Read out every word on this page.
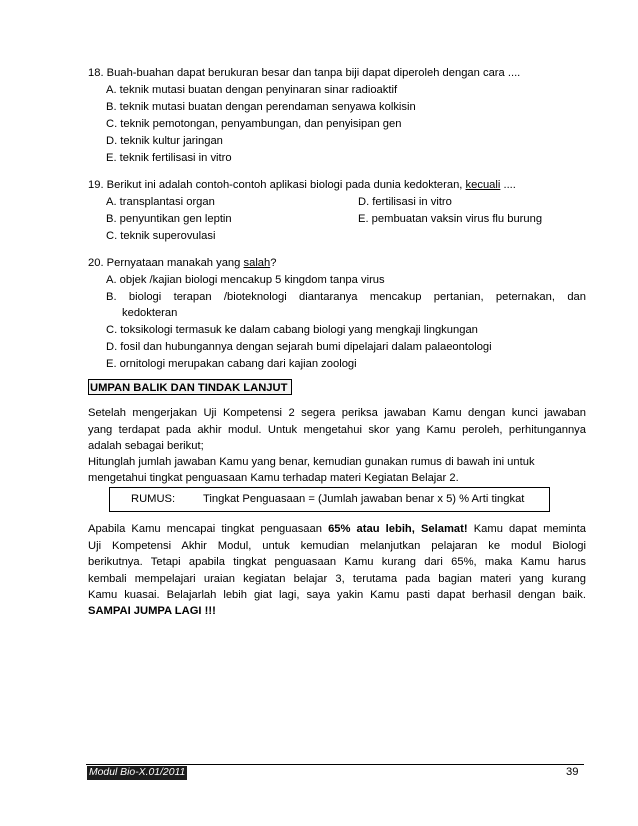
18. Buah-buahan dapat berukuran besar dan tanpa biji dapat diperoleh dengan cara ....
A. teknik mutasi buatan dengan penyinaran sinar radioaktif
B. teknik mutasi buatan dengan perendaman senyawa kolkisin
C. teknik pemotongan, penyambungan, dan penyisipan gen
D. teknik kultur jaringan
E. teknik fertilisasi in vitro
19. Berikut ini adalah contoh-contoh aplikasi biologi pada dunia kedokteran, kecuali ....
A. transplantasi organ
B. penyuntikan gen leptin
C. teknik superovulasi
D. fertilisasi in vitro
E. pembuatan vaksin virus flu burung
20. Pernyataan manakah yang salah?
A. objek /kajian biologi mencakup 5 kingdom tanpa virus
B. biologi terapan /bioteknologi diantaranya mencakup pertanian, peternakan, dan
kedokteran
C. toksikologi termasuk ke dalam cabang biologi yang mengkaji lingkungan
D. fosil dan hubungannya dengan sejarah bumi dipelajari dalam palaeontologi
E. ornitologi merupakan cabang dari kajian zoologi
UMPAN BALIK DAN TINDAK LANJUT
Setelah mengerjakan Uji Kompetensi 2 segera periksa jawaban Kamu dengan kunci jawaban
yang terdapat pada akhir modul. Untuk mengetahui skor yang Kamu peroleh, perhitungannya
adalah sebagai berikut;
Hitunglah jumlah jawaban Kamu yang benar, kemudian gunakan rumus di bawah ini untuk
mengetahui tingkat penguasaan Kamu terhadap materi Kegiatan Belajar 2.
RUMUS: Tingkat Penguasaan = (Jumlah jawaban benar x 5) % Arti tingkat
Apabila Kamu mencapai tingkat penguasaan 65% atau lebih, Selamat! Kamu dapat meminta
Uji Kompetensi Akhir Modul, untuk kemudian melanjutkan pelajaran ke modul Biologi
berikutnya. Tetapi apabila tingkat penguasaan Kamu kurang dari 65%, maka Kamu harus
kembali mempelajari uraian kegiatan belajar 3, terutama pada bagian materi yang kurang
Kamu kuasai. Belajarlah lebih giat lagi, saya yakin Kamu pasti dapat berhasil dengan baik.
SAMPAI JUMPA LAGI !!!
Modul Bio-X.01/2011	39
